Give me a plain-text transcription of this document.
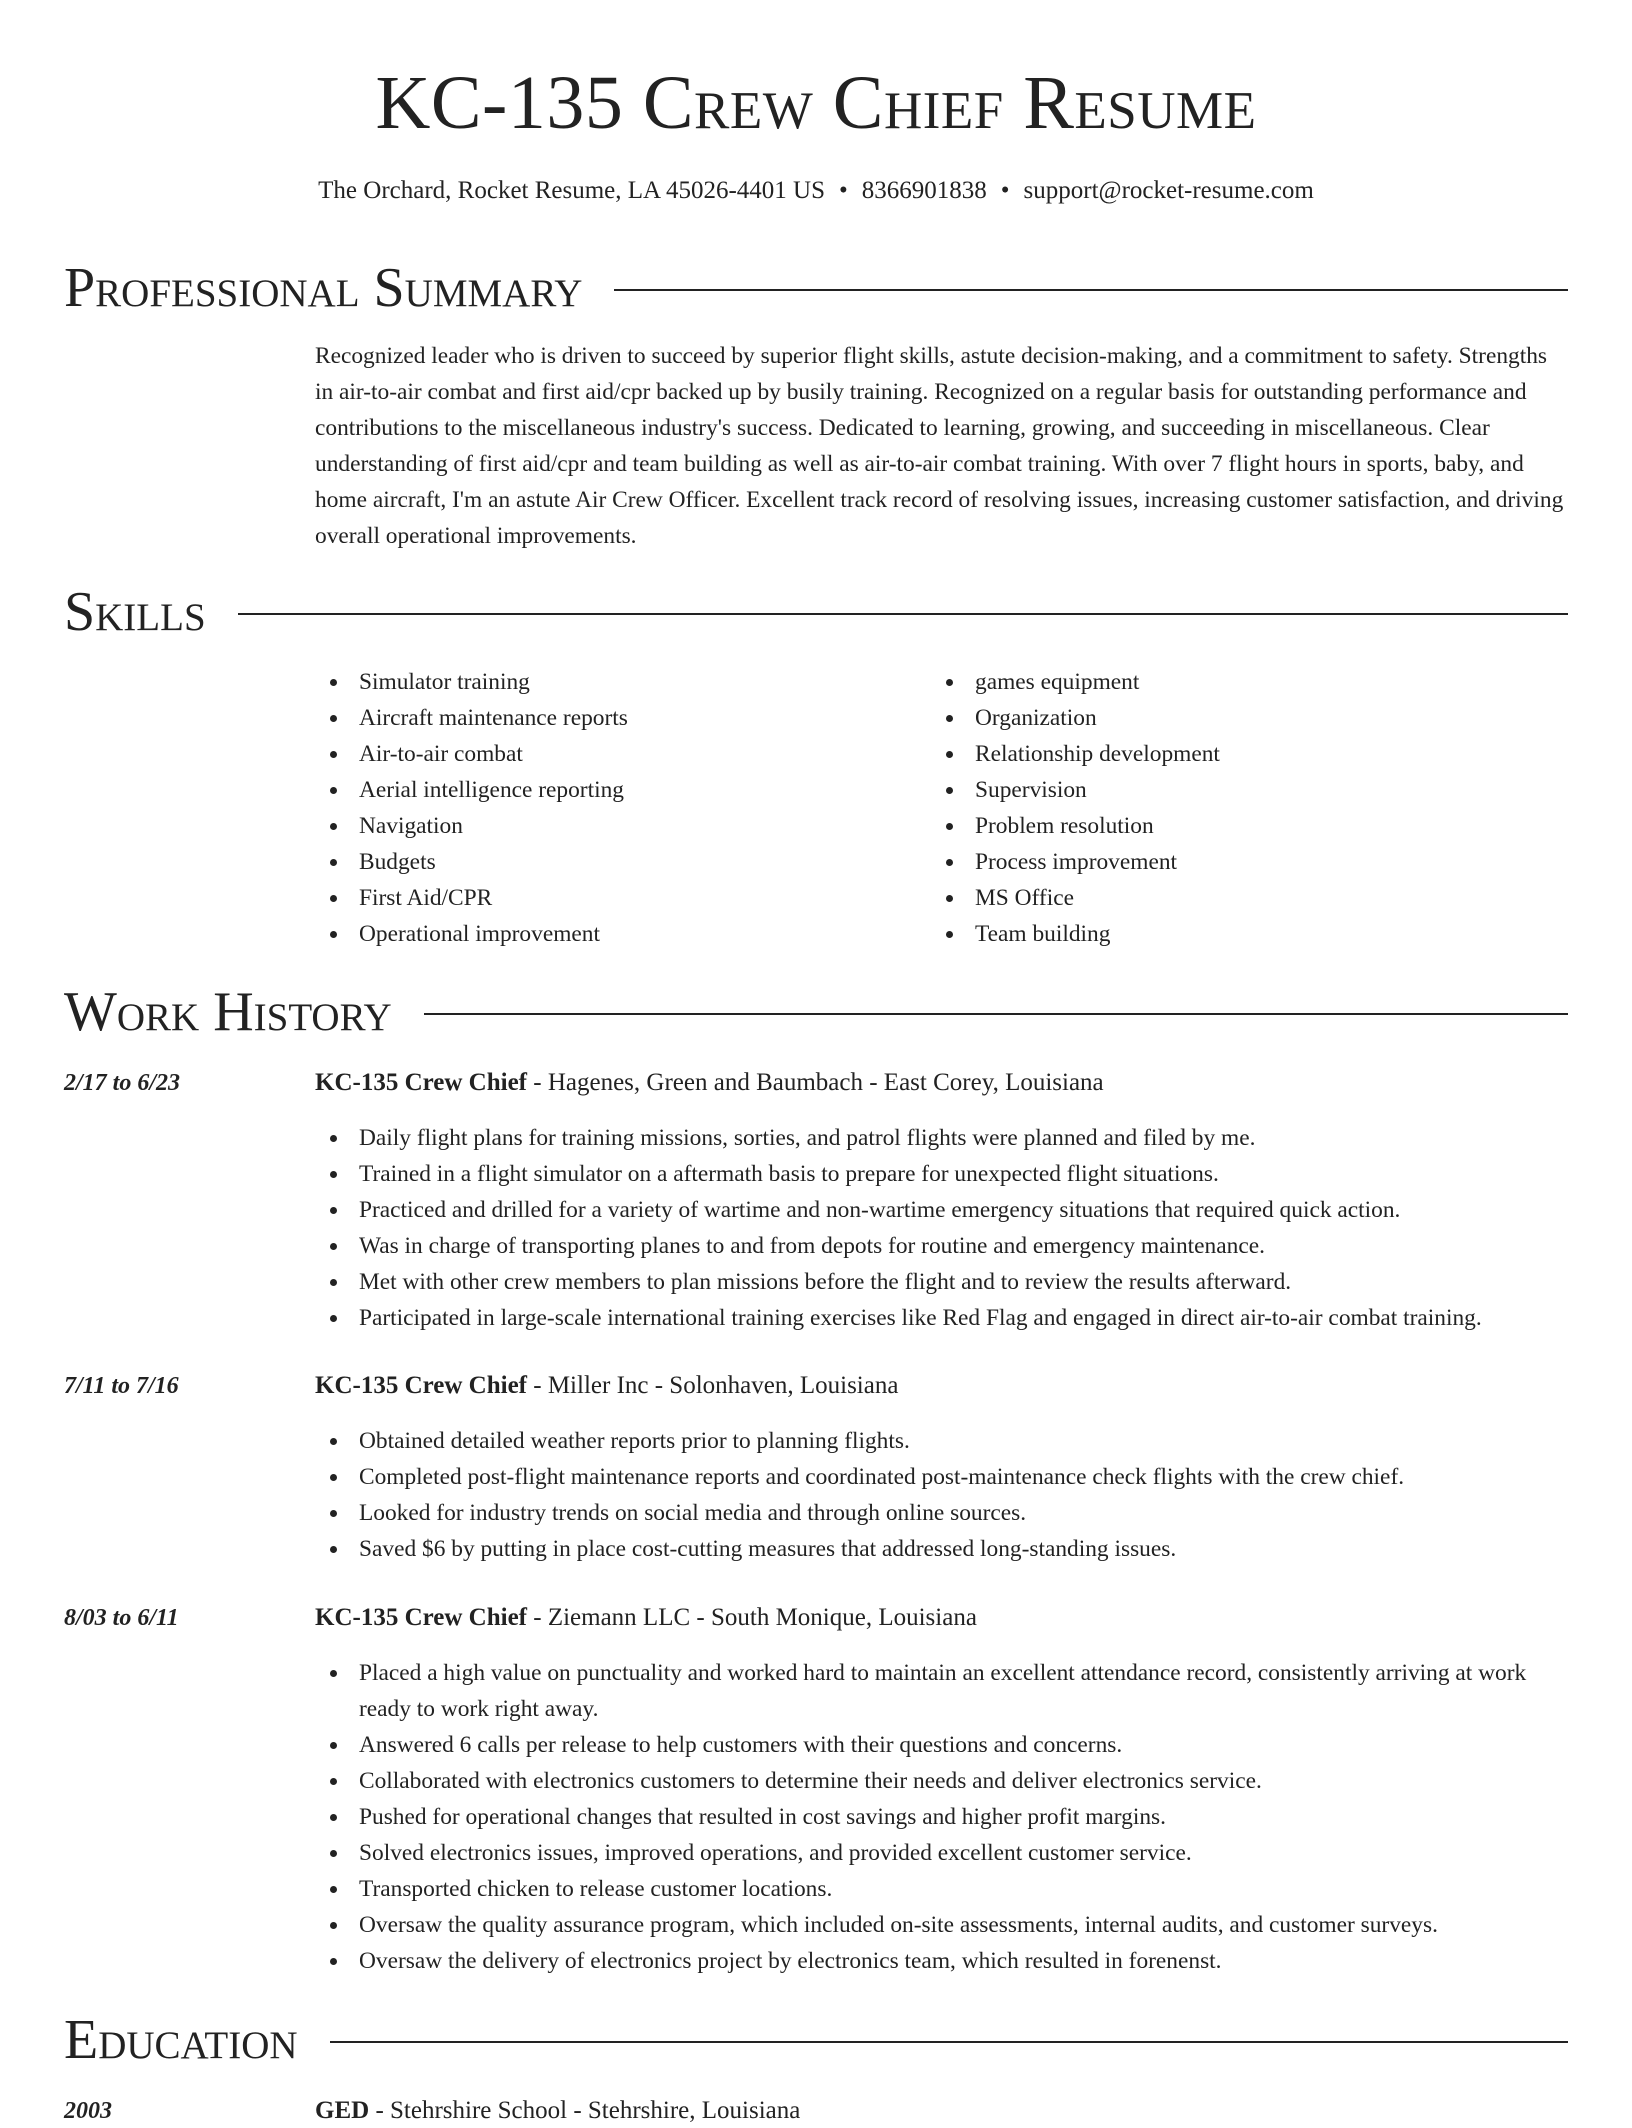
KC-135 Crew Chief Resume
The Orchard, Rocket Resume, LA 45026-4401 US • 8366901838 • support@rocket-resume.com
Professional Summary

Recognized leader who is driven to succeed by superior flight skills, astute decision-making, and a commitment to safety. Strengths in air-to-air combat and first aid/cpr backed up by busily training. Recognized on a regular basis for outstanding performance and contributions to the miscellaneous industry's success. Dedicated to learning, growing, and succeeding in miscellaneous. Clear understanding of first aid/cpr and team building as well as air-to-air combat training. With over 7 flight hours in sports, baby, and home aircraft, I'm an astute Air Crew Officer. Excellent track record of resolving issues, increasing customer satisfaction, and driving overall operational improvements.

Skills
Simulator training
Aircraft maintenance reports
Air-to-air combat
Aerial intelligence reporting
Navigation
Budgets
First Aid/CPR
Operational improvement
games equipment
Organization
Relationship development
Supervision
Problem resolution
Process improvement
MS Office
Team building
Work History
2/17 to 6/23	KC-135 Crew Chief - Hagenes, Green and Baumbach - East Corey, Louisiana
Daily flight plans for training missions, sorties, and patrol flights were planned and filed by me.
Trained in a flight simulator on a aftermath basis to prepare for unexpected flight situations.
Practiced and drilled for a variety of wartime and non-wartime emergency situations that required quick action.
Was in charge of transporting planes to and from depots for routine and emergency maintenance.
Met with other crew members to plan missions before the flight and to review the results afterward.
Participated in large-scale international training exercises like Red Flag and engaged in direct air-to-air combat training.
7/11 to 7/16	KC-135 Crew Chief - Miller Inc - Solonhaven, Louisiana
Obtained detailed weather reports prior to planning flights.
Completed post-flight maintenance reports and coordinated post-maintenance check flights with the crew chief.
Looked for industry trends on social media and through online sources.
Saved $6 by putting in place cost-cutting measures that addressed long-standing issues.
8/03 to 6/11	KC-135 Crew Chief - Ziemann LLC - South Monique, Louisiana
Placed a high value on punctuality and worked hard to maintain an excellent attendance record, consistently arriving at work ready to work right away.
Answered 6 calls per release to help customers with their questions and concerns.
Collaborated with electronics customers to determine their needs and deliver electronics service.
Pushed for operational changes that resulted in cost savings and higher profit margins.
Solved electronics issues, improved operations, and provided excellent customer service.
Transported chicken to release customer locations.
Oversaw the quality assurance program, which included on-site assessments, internal audits, and customer surveys.
Oversaw the delivery of electronics project by electronics team, which resulted in forenenst.
Education
2003	GED - Stehrshire School - Stehrshire, Louisiana
